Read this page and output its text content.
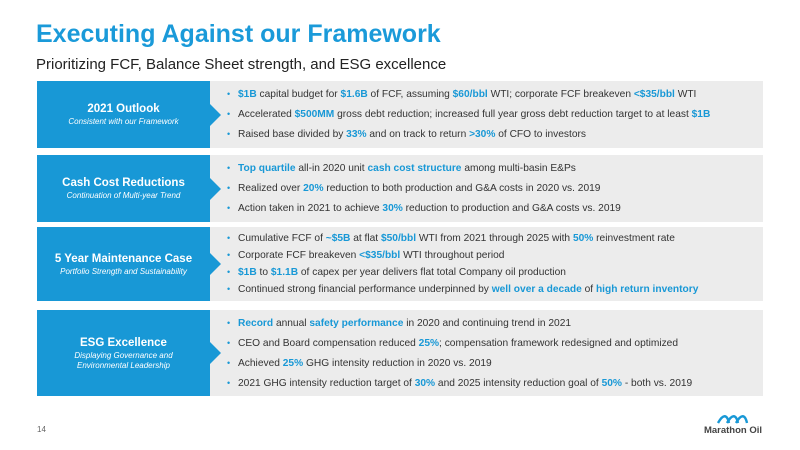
Executing Against our Framework
Prioritizing FCF, Balance Sheet strength, and ESG excellence
2021 Outlook
Consistent with our Framework
• $1B capital budget for $1.6B of FCF, assuming $60/bbl WTI; corporate FCF breakeven <$35/bbl WTI
• Accelerated $500MM gross debt reduction; increased full year gross debt reduction target to at least $1B
• Raised base divided by 33% and on track to return >30% of CFO to investors
Cash Cost Reductions
Continuation of Multi-year Trend
• Top quartile all-in 2020 unit cash cost structure among multi-basin E&Ps
• Realized over 20% reduction to both production and G&A costs in 2020 vs. 2019
• Action taken in 2021 to achieve 30% reduction to production and G&A costs vs. 2019
5 Year Maintenance Case
Portfolio Strength and Sustainability
• Cumulative FCF of ~$5B at flat $50/bbl WTI from 2021 through 2025 with 50% reinvestment rate
• Corporate FCF breakeven <$35/bbl WTI throughout period
• $1B to $1.1B of capex per year delivers flat total Company oil production
• Continued strong financial performance underpinned by well over a decade of high return inventory
ESG Excellence
Displaying Governance and Environmental Leadership
• Record annual safety performance in 2020 and continuing trend in 2021
• CEO and Board compensation reduced 25%; compensation framework redesigned and optimized
• Achieved 25% GHG intensity reduction in 2020 vs. 2019
• 2021 GHG intensity reduction target of 30% and 2025 intensity reduction goal of 50% - both vs. 2019
14	Marathon Oil
